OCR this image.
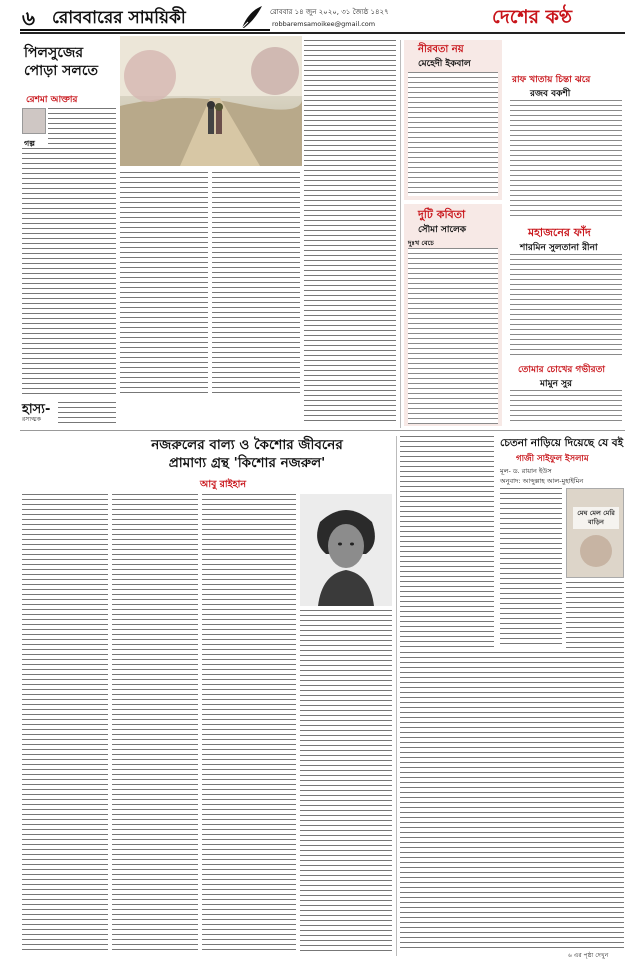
৬ রোববারের সাময়িকী	রোববার ১৪ জুন ২০২০, ৩১ জ্যৈষ্ঠ ১৪২৭
robbaremsamoikee@gmail.com	দেশের কণ্ঠ
পিলসুজের
পোড়া সলতে
রেশমা আক্তার
গল্প
হাস্য-
রসাত্মক
নীরবতা নয়
মেহেদী ইকবাল
রাফ খাতায় চিন্তা ঝরে
রজব বকশী
মহাজনের ফাঁদ
শারমিন সুলতানা রীনা
দুটি কবিতা
সৌমা সালেক
দুঃখ বেচে
তোমার চোখের গভীরতা
মামুন সুর
নজরুলের বাল্য ও কৈশোর জীবনের
প্রামাণ্য গ্রন্থ 'কিশোর নজরুল'
আবু রাইহান
চেতনা নাড়িয়ে দিয়েছে যে বই
গাজী সাইফুল ইসলাম
মূল- ড. রায়ান ইউস
অনুবাদ: আব্দুল্লাহ আল-মুহাইমিন
মেঘ মেল মেরি বাড়িন
৬ এর পৃষ্ঠা দেখুন
